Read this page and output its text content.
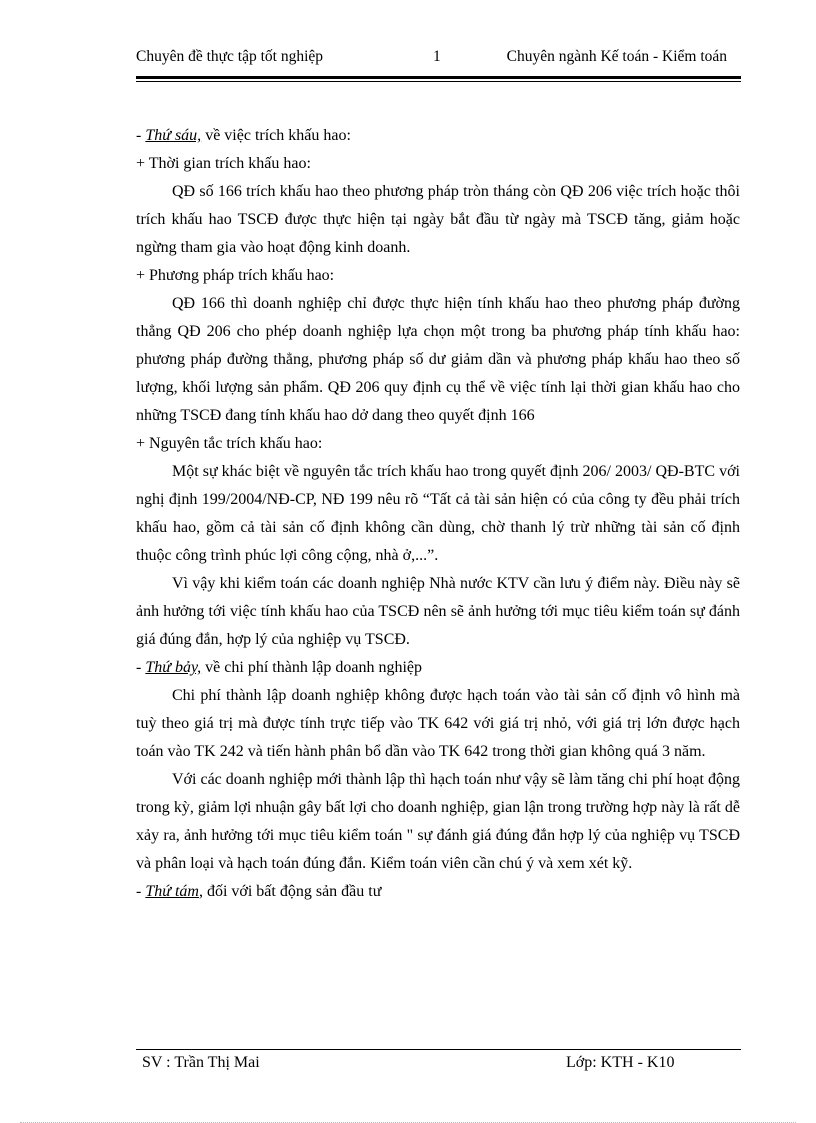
Chuyên đề thực tập tốt nghiệp	1	Chuyên ngành Kế toán - Kiểm toán

- Thứ sáu, về việc trích khấu hao:

+ Thời gian trích khấu hao:

QĐ số 166 trích khấu hao theo phương pháp tròn tháng còn QĐ 206 việc trích hoặc thôi trích khấu hao TSCĐ được thực hiện tại ngày bắt đầu từ ngày mà TSCĐ tăng, giảm hoặc ngừng tham gia vào hoạt động kinh doanh.

+ Phương pháp trích khấu hao:

QĐ 166 thì doanh nghiệp chỉ được thực hiện tính khấu hao theo phương pháp đường thẳng QĐ 206 cho phép doanh nghiệp lựa chọn một trong ba phương pháp tính khấu hao: phương pháp đường thẳng, phương pháp số dư giảm dần và phương pháp khấu hao theo số lượng, khối lượng sản phẩm. QĐ 206 quy định cụ thể về việc tính lại thời gian khấu hao cho những TSCĐ đang tính khấu hao dở dang theo quyết định 166

+ Nguyên tắc trích khấu hao:

Một sự khác biệt về nguyên tắc trích khấu hao trong quyết định 206/ 2003/ QĐ-BTC với nghị định 199/2004/NĐ-CP, NĐ 199 nêu rõ “Tất cả tài sản hiện có của công ty đều phải trích khấu hao, gồm cả tài sản cố định không cần dùng, chờ thanh lý trừ những tài sản cố định thuộc công trình phúc lợi công cộng, nhà ở,...”.

Vì vậy khi kiểm toán các doanh nghiệp Nhà nước KTV cần lưu ý điểm này. Điều này sẽ ảnh hưởng tới việc tính khấu hao của TSCĐ nên sẽ ảnh hưởng tới mục tiêu kiểm toán sự đánh giá đúng đắn, hợp lý của nghiệp vụ TSCĐ.

- Thứ bảy, về chi phí thành lập doanh nghiệp

Chi phí thành lập doanh nghiệp không được hạch toán vào tài sản cố định vô hình mà tuỳ theo giá trị mà được tính trực tiếp vào TK 642 với giá trị nhỏ, với giá trị lớn được hạch toán vào TK 242 và tiến hành phân bổ dần vào TK 642 trong thời gian không quá 3 năm.

Với các doanh nghiệp mới thành lập thì hạch toán như vậy sẽ làm tăng chi phí hoạt động trong kỳ, giảm lợi nhuận gây bất lợi cho doanh nghiệp, gian lận trong trường hợp này là rất dễ xảy ra, ảnh hưởng tới mục tiêu kiểm toán " sự đánh giá đúng đắn hợp lý của nghiệp vụ TSCĐ và phân loại và hạch toán đúng đắn. Kiểm toán viên cần chú ý và xem xét kỹ.

- Thứ tám, đối với bất động sản đầu tư

SV : Trần Thị Mai	Lớp: KTH - K10
